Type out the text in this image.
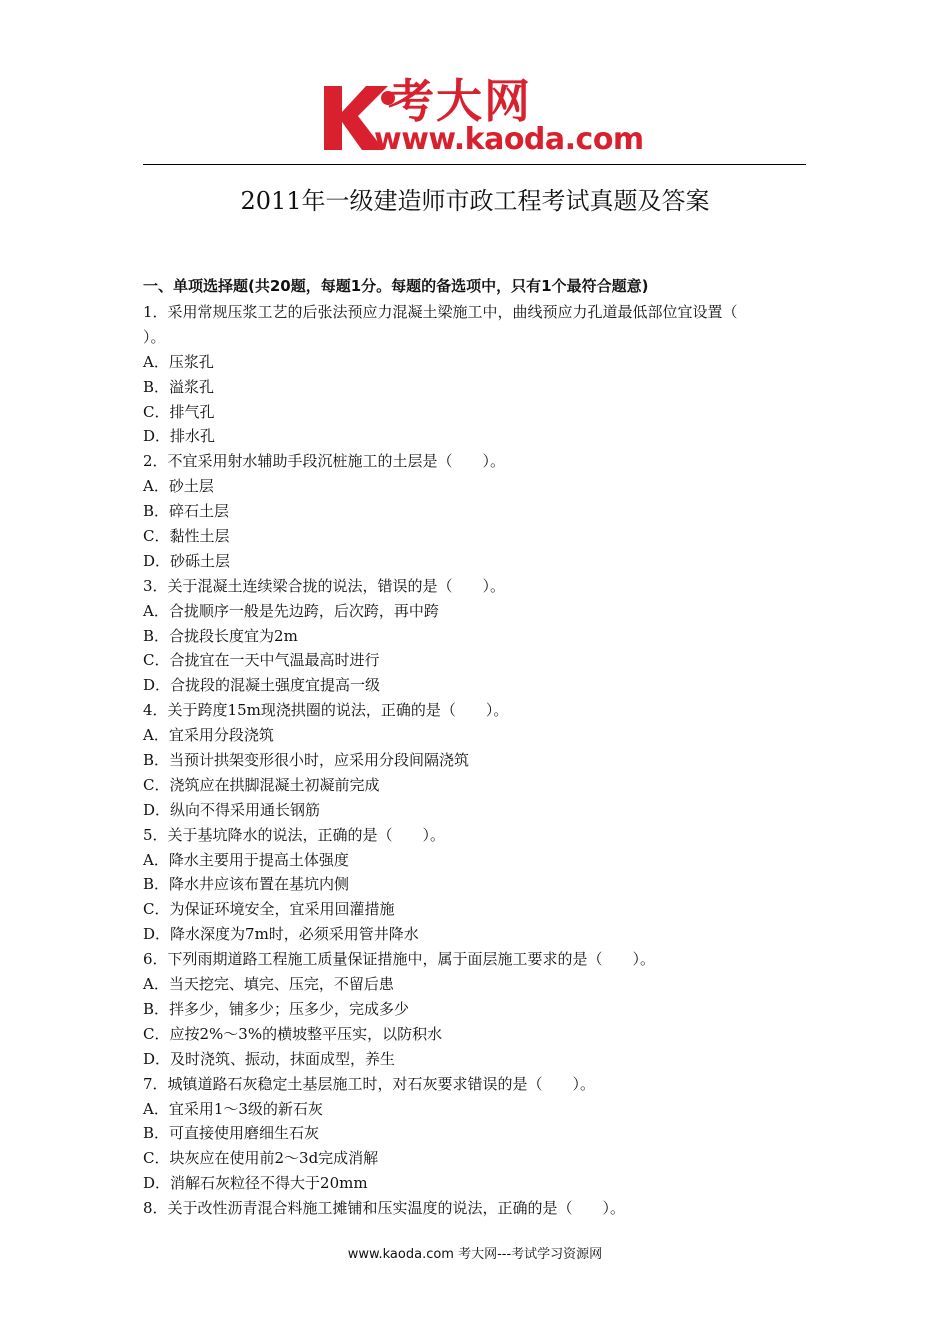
考大网
www.kaoda.com
2011年一级建造师市政工程考试真题及答案
一、单项选择题(共20题，每题1分。每题的备选项中，只有1个最符合题意)
1．采用常规压浆工艺的后张法预应力混凝土梁施工中，曲线预应力孔道最低部位宜设置（
）。
A．压浆孔
B．溢浆孔
C．排气孔
D．排水孔
2．不宜采用射水辅助手段沉桩施工的土层是（　　）。
A．砂土层
B．碎石土层
C．黏性土层
D．砂砾土层
3．关于混凝土连续梁合拢的说法，错误的是（　　）。
A．合拢顺序一般是先边跨，后次跨，再中跨
B．合拢段长度宜为2m
C．合拢宜在一天中气温最高时进行
D．合拢段的混凝土强度宜提高一级
4．关于跨度15m现浇拱圈的说法，正确的是（　　）。
A．宜采用分段浇筑
B．当预计拱架变形很小时，应采用分段间隔浇筑
C．浇筑应在拱脚混凝土初凝前完成
D．纵向不得采用通长钢筋
5．关于基坑降水的说法，正确的是（　　）。
A．降水主要用于提高土体强度
B．降水井应该布置在基坑内侧
C．为保证环境安全，宜采用回灌措施
D．降水深度为7m时，必须采用管井降水
6．下列雨期道路工程施工质量保证措施中，属于面层施工要求的是（　　）。
A．当天挖完、填完、压完，不留后患
B．拌多少，铺多少；压多少，完成多少
C．应按2%～3%的横坡整平压实，以防积水
D．及时浇筑、振动，抹面成型，养生
7．城镇道路石灰稳定土基层施工时，对石灰要求错误的是（　　）。
A．宜采用1～3级的新石灰
B．可直接使用磨细生石灰
C．块灰应在使用前2～3d完成消解
D．消解石灰粒径不得大于20mm
8．关于改性沥青混合料施工摊铺和压实温度的说法，正确的是（　　）。
www.kaoda.com 考大网---考试学习资源网
